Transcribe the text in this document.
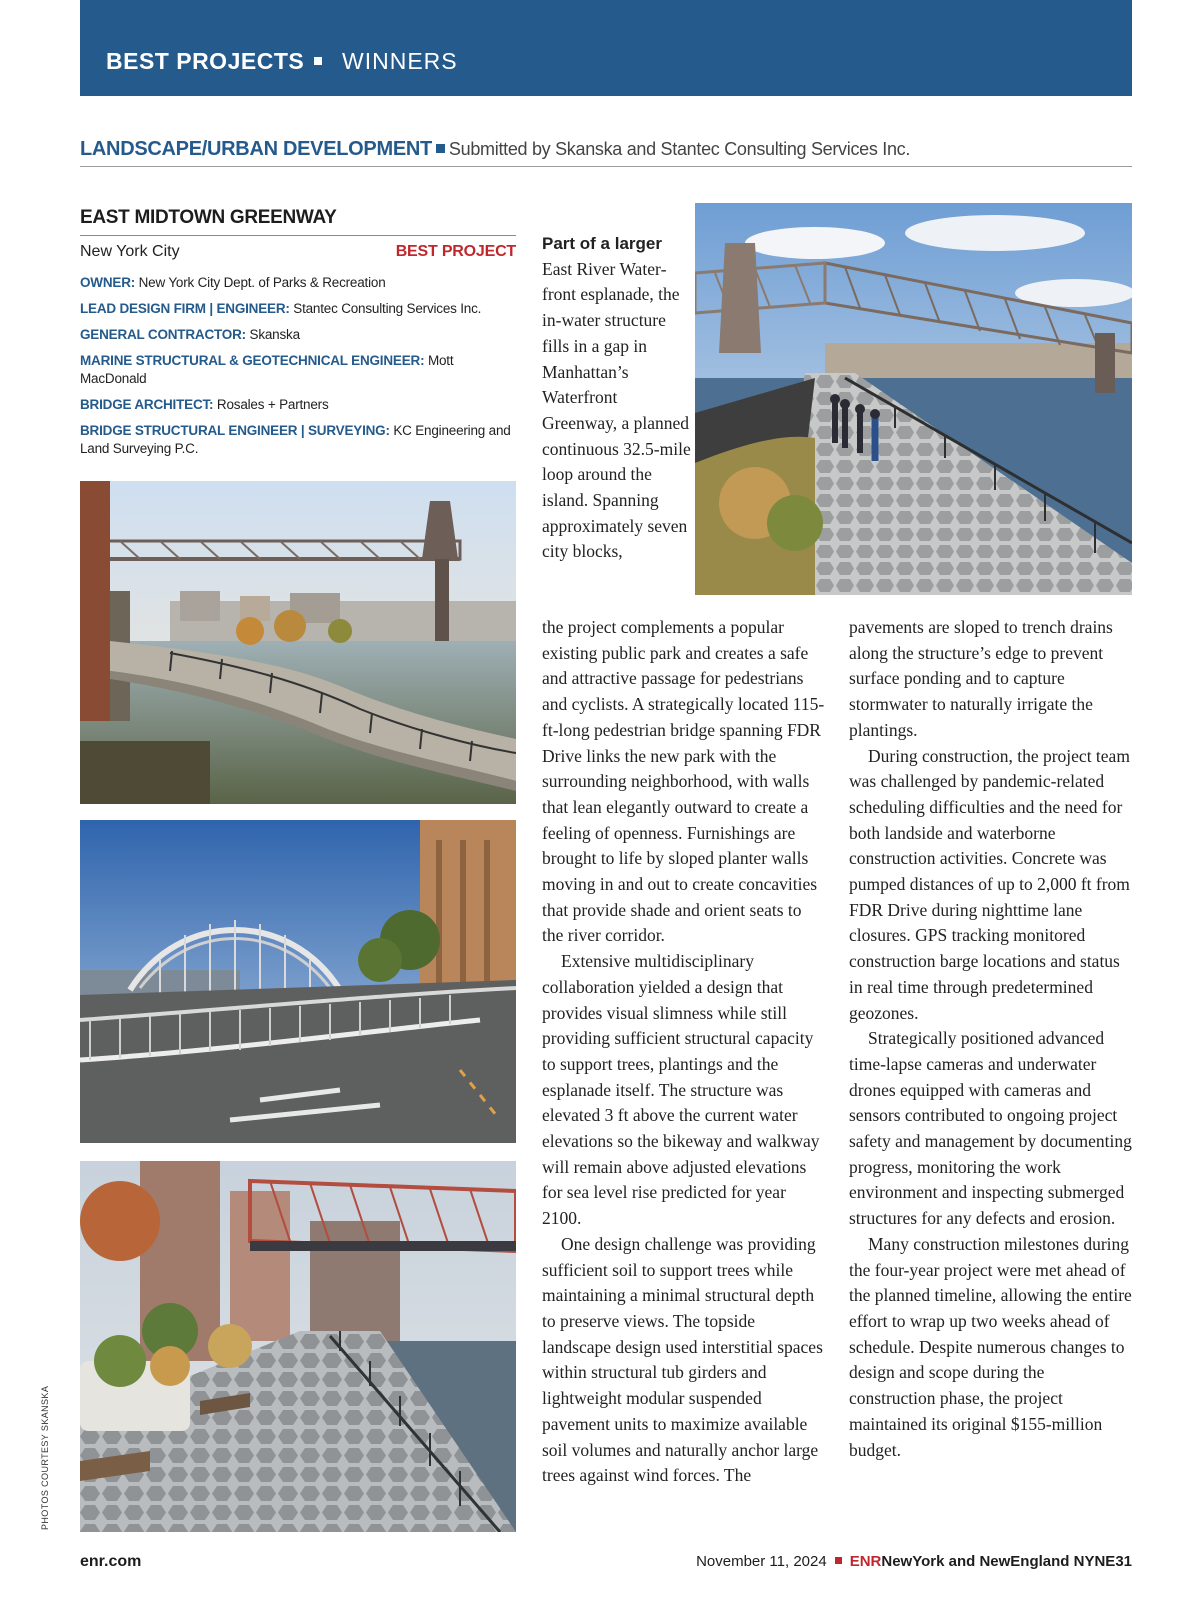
BEST PROJECTS WINNERS
LANDSCAPE/URBAN DEVELOPMENT Submitted by Skanska and Stantec Consulting Services Inc.
EAST MIDTOWN GREENWAY
New York City	BEST PROJECT
OWNER: New York City Dept. of Parks & Recreation
LEAD DESIGN FIRM | ENGINEER: Stantec Consulting Services Inc.
GENERAL CONTRACTOR: Skanska
MARINE STRUCTURAL & GEOTECHNICAL ENGINEER: Mott MacDonald
BRIDGE ARCHITECT: Rosales + Partners
BRIDGE STRUCTURAL ENGINEER | SURVEYING: KC Engineering and Land Surveying P.C.
PHOTOS COURTESY SKANSKA

Part of a larger East River Waterfront esplanade, the in-water structure fills in a gap in Manhattan’s Waterfront Greenway, a planned continuous 32.5-mile loop around the island. Spanning approximately seven city blocks,

the project complements a popular existing public park and creates a safe and attractive passage for pedestrians and cyclists. A strategically located 115-ft-long pedestrian bridge spanning FDR Drive links the new park with the surrounding neighborhood, with walls that lean elegantly outward to create a feeling of openness. Furnishings are brought to life by sloped planter walls moving in and out to create concavities that provide shade and orient seats to the river corridor.

Extensive multidisciplinary collaboration yielded a design that provides visual slimness while still providing sufficient structural capacity to support trees, plantings and the esplanade itself. The structure was elevated 3 ft above the current water elevations so the bikeway and walkway will remain above adjusted elevations for sea level rise predicted for year 2100.

One design challenge was providing sufficient soil to support trees while maintaining a minimal structural depth to preserve views. The topside landscape design used interstitial spaces within structural tub girders and lightweight modular suspended pavement units to maximize available soil volumes and naturally anchor large trees against wind forces. The

pavements are sloped to trench drains along the structure’s edge to prevent surface ponding and to capture stormwater to naturally irrigate the plantings.

During construction, the project team was challenged by pandemic-related scheduling difficulties and the need for both landside and waterborne construction activities. Concrete was pumped distances of up to 2,000 ft from FDR Drive during nighttime lane closures. GPS tracking monitored construction barge locations and status in real time through predetermined geozones.

Strategically positioned advanced time-lapse cameras and underwater drones equipped with cameras and sensors contributed to ongoing project safety and management by documenting progress, monitoring the work environment and inspecting submerged structures for any defects and erosion.

Many construction milestones during the four-year project were met ahead of the planned timeline, allowing the entire effort to wrap up two weeks ahead of schedule. Despite numerous changes to design and scope during the construction phase, the project maintained its original $155-million budget.

enr.com	November 11, 2024 ENRNewYork and NewEngland NYNE31
